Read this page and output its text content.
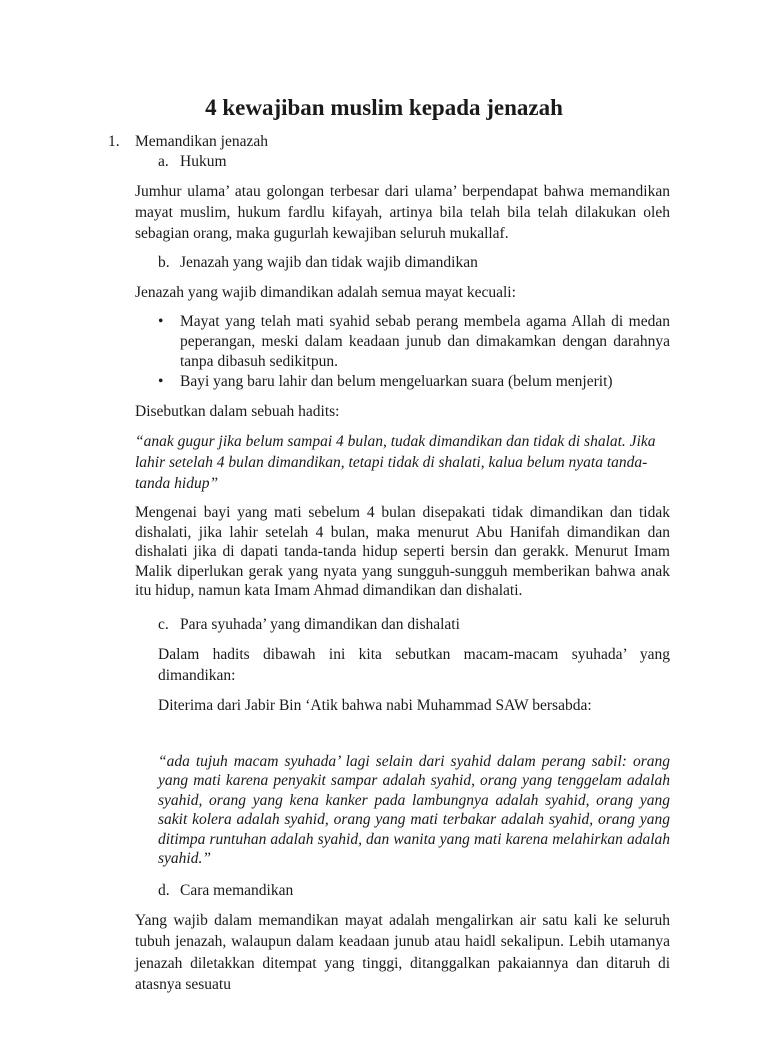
4 kewajiban muslim kepada jenazah
1. Memandikan jenazah
a. Hukum
Jumhur ulama’ atau golongan terbesar dari ulama’ berpendapat bahwa memandikan mayat muslim, hukum fardlu kifayah, artinya bila telah bila telah dilakukan oleh sebagian orang, maka gugurlah kewajiban seluruh mukallaf.
b. Jenazah yang wajib dan tidak wajib dimandikan
Jenazah yang wajib dimandikan adalah semua mayat kecuali:
• Mayat yang telah mati syahid sebab perang membela agama Allah di medan peperangan, meski dalam keadaan junub dan dimakamkan dengan darahnya tanpa dibasuh sedikitpun.
• Bayi yang baru lahir dan belum mengeluarkan suara (belum menjerit)
Disebutkan dalam sebuah hadits:
“anak gugur jika belum sampai 4 bulan, tudak dimandikan dan tidak di shalat. Jika lahir setelah 4 bulan dimandikan, tetapi tidak di shalati, kalua belum nyata tanda-tanda hidup”
Mengenai bayi yang mati sebelum 4 bulan disepakati tidak dimandikan dan tidak dishalati, jika lahir setelah 4 bulan, maka menurut Abu Hanifah dimandikan dan dishalati jika di dapati tanda-tanda hidup seperti bersin dan gerakk. Menurut Imam Malik diperlukan gerak yang nyata yang sungguh-sungguh memberikan bahwa anak itu hidup, namun kata Imam Ahmad dimandikan dan dishalati.
c. Para syuhada’ yang dimandikan dan dishalati
Dalam hadits dibawah ini kita sebutkan macam-macam syuhada’ yang dimandikan:
Diterima dari Jabir Bin ‘Atik bahwa nabi Muhammad SAW bersabda:
“ada tujuh macam syuhada’ lagi selain dari syahid dalam perang sabil: orang yang mati karena penyakit sampar adalah syahid, orang yang tenggelam adalah syahid, orang yang kena kanker pada lambungnya adalah syahid, orang yang sakit kolera adalah syahid, orang yang mati terbakar adalah syahid, orang yang ditimpa runtuhan adalah syahid, dan wanita yang mati karena melahirkan adalah syahid.”
d. Cara memandikan
Yang wajib dalam memandikan mayat adalah mengalirkan air satu kali ke seluruh tubuh jenazah, walaupun dalam keadaan junub atau haidl sekalipun. Lebih utamanya jenazah diletakkan ditempat yang tinggi, ditanggalkan pakaiannya dan ditaruh di atasnya sesuatu
